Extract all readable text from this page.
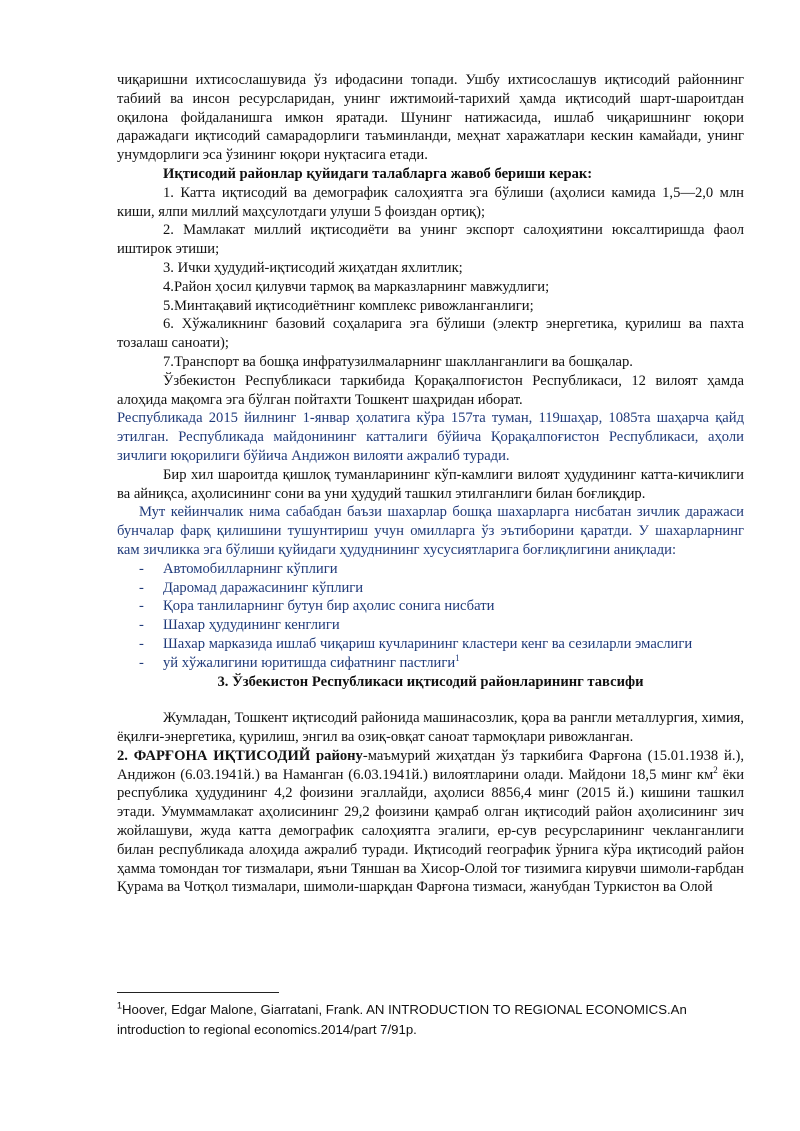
чиқаришни ихтисослашувида ўз ифодасини топади. Ушбу ихтисослашув иқтисодий районнинг табиий ва инсон ресурсларидан, унинг ижтимоий-тарихий ҳамда иқтисодий шарт-шароитдан оқилона фойдаланишга имкон яратади. Шунинг натижасида, ишлаб чиқаришнинг юқори даражадаги иқтисодий самарадорлиги таъминланди, меҳнат харажатлари кескин камайади, унинг унумдорлиги эса ўзининг юқори нуқтасига етади.

Иқтисодий районлар қуйидаги талабларга жавоб бериши керак:

1. Катта иқтисодий ва демографик салоҳиятга эга бўлиши (аҳолиси камида 1,5—2,0 млн киши, ялпи миллий маҳсулотдаги улуши 5 фоиздан ортиқ);

2. Мамлакат миллий иқтисодиёти ва унинг экспорт салоҳиятини юксалтиришда фаол иштирок этиши;

3. Ички ҳудудий-иқтисодий жиҳатдан яхлитлик;

4.Район ҳосил қилувчи тармоқ ва марказларнинг мавжудлиги;

5.Минтақавий иқтисодиётнинг комплекс ривожланганлиги;

6. Хўжаликнинг базовий соҳаларига эга бўлиши (электр энергетика, қурилиш ва пахта тозалаш саноати);

7.Транспорт ва бошқа инфратузилмаларнинг шаклланганлиги ва бошқалар.

Ўзбекистон Республикаси таркибида Қорақалпоғистон Республикаси, 12 вилоят ҳамда алоҳида мақомга эга бўлган пойтахти Тошкент шаҳридан иборат.

Республикада 2015 йилнинг 1-январ ҳолатига кўра 157та туман, 119шаҳар, 1085та шаҳарча қайд этилган. Республикада майдонининг катталиги бўйича Қорақалпоғистон Республикаси, аҳоли зичлиги юқорилиги бўйича Андижон вилояти ажралиб туради.

Бир хил шароитда қишлоқ туманларининг кўп-камлиги вилоят ҳудудининг катта-кичиклиги ва айниқса, аҳолисининг сони ва уни ҳудудий ташкил этилганлиги билан боғлиқдир.

Мут кейинчалик нима сабабдан баъзи шахарлар бошқа шахарларга нисбатан зичлик даражаси бунчалар фарқ қилишини тушунтириш учун омилларга ўз эътиборини қаратди. У шахарларнинг кам зичликка эга бўлиши қуйидаги ҳудуднининг хусусиятларига боғлиқлигини аниқлади:

- Автомобилларнинг кўплиги
- Даромад даражасининг кўплиги
- Қора танлиларнинг бутун бир аҳолис сонига нисбати
- Шахар ҳудудининг кенглиги
- Шахар марказида ишлаб чиқариш кучларининг кластери кенг ва сезиларли эмаслиги
- уй хўжалигини юритишда сифатнинг пастлиги$^1$

3. Ўзбекистон Республикаси иқтисодий районларининг тавсифи

Жумладан, Тошкент иқтисодий районида машинасозлик, қора ва рангли металлургия, химия, ёқилғи-энергетика, қурилиш, энгил ва озиқ-овқат саноат тармоқлари ривожланган.

2. ФАРҒОНА ИҚТИСОДИЙ району-маъмурий жиҳатдан ўз таркибига Фарғона (15.01.1938 й.), Андижон (6.03.1941й.) ва Наманган (6.03.1941й.) вилоятларини олади. Майдони 18,5 минг $км^2$ ёки республика ҳудудининг 4,2 фоизини эгаллайди, аҳолиси 8856,4 минг (2015 й.) кишини ташкил этади. Умуммамлакат аҳолисининг 29,2 фоизини қамраб олган иқтисодий район аҳолисининг зич жойлашуви, жуда катта демографик салоҳиятга эгалиги, ер-сув ресурсларининг чекланганлиги билан республикада алоҳида ажралиб туради. Иқтисодий географик ўрнига кўра иқтисодий район ҳамма томондан тоғ тизмалари, яъни Тяншан ва Хисор-Олой тоғ тизимига кирувчи шимоли-ғарбдан Қурама ва Чотқол тизмалари, шимоли-шарқдан Фарғона тизмаси, жанубдан Туркистон ва Олой

$^1$Hoover, Edgar Malone, Giarratani, Frank. AN INTRODUCTION TO REGIONAL ECONOMICS.An introduction to regional economics.2014/part 7/91p.
